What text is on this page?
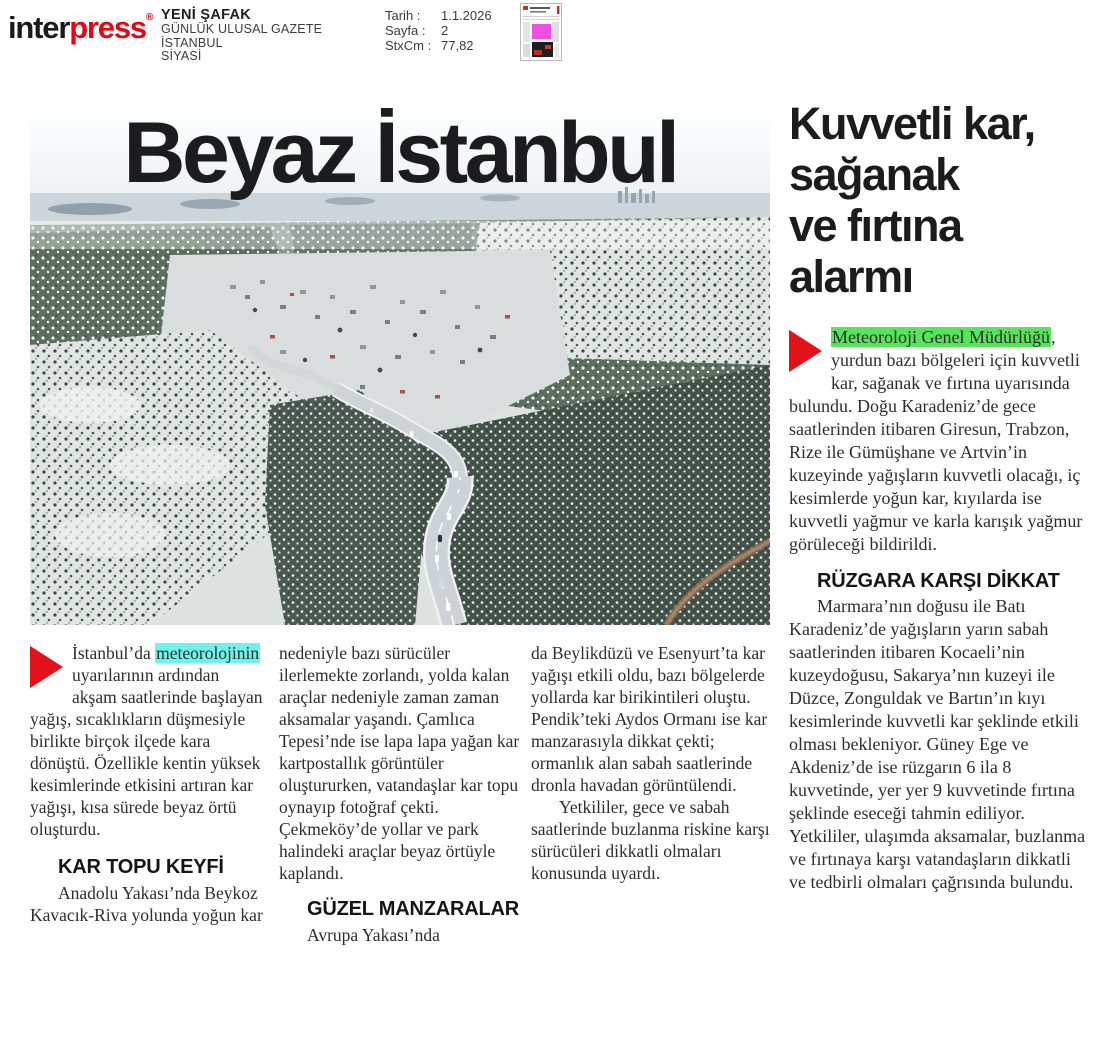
interpress® YENİ ŞAFAK
GÜNLÜK ULUSAL GAZETE
İSTANBUL
SİYASİ
Tarih :	1.1.2026
Sayfa :	2
StxCm : 77,82
Beyaz İstanbul

İstanbul’da meteorolojinin uyarılarının ardından akşam saatlerinde başlayan yağış, sıcaklıkların düşmesiyle birlikte birçok ilçede kara dönüştü. Özellikle kentin yüksek kesimlerinde etkisini artıran kar yağışı, kısa sürede beyaz örtü oluşturdu.

KAR TOPU KEYFİ

Anadolu Yakası’nda Beykoz Kavacık-Riva yolunda yoğun kar

nedeniyle bazı sürücüler ilerlemekte zorlandı, yolda kalan araçlar nedeniyle zaman zaman aksamalar yaşandı. Çamlıca Tepesi’nde ise lapa lapa yağan kar kartpostallık görüntüler oluştururken, vatandaşlar kar topu oynayıp fotoğraf çekti. Çekmeköy’de yollar ve park halindeki araçlar beyaz örtüyle kaplandı.

GÜZEL MANZARALAR

Avrupa Yakası’nda

da Beylikdüzü ve Esenyurt’ta kar yağışı etkili oldu, bazı bölgelerde yollarda kar birikintileri oluştu. Pendik’teki Aydos Ormanı ise kar manzarasıyla dikkat çekti; ormanlık alan sabah saatlerinde dronla havadan görüntülendi.

Yetkililer, gece ve sabah saatlerinde buzlanma riskine karşı sürücüleri dikkatli olmaları konusunda uyardı.

Kuvvetli kar,
sağanak
ve fırtına
alarmı

Meteoroloji Genel Müdürlüğü, yurdun bazı bölgeleri için kuvvetli kar, sağanak ve fırtına uyarısında bulundu. Doğu Karadeniz’de gece saatlerinden itibaren Giresun, Trabzon, Rize ile Gümüşhane ve Artvin’in kuzeyinde yağışların kuvvetli olacağı, iç kesimlerde yoğun kar, kıyılarda ise kuvvetli yağmur ve karla karışık yağmur görüleceği bildirildi.

RÜZGARA KARŞI DİKKAT

Marmara’nın doğusu ile Batı Karadeniz’de yağışların yarın sabah saatlerinden itibaren Kocaeli’nin kuzeydoğusu, Sakarya’nın kuzeyi ile Düzce, Zonguldak ve Bartın’ın kıyı kesimlerinde kuvvetli kar şeklinde etkili olması bekleniyor. Güney Ege ve Akdeniz’de ise rüzgarın 6 ila 8 kuvvetinde, yer yer 9 kuvvetinde fırtına şeklinde eseceği tahmin ediliyor. Yetkililer, ulaşımda aksamalar, buzlanma ve fırtınaya karşı vatandaşların dikkatli ve tedbirli olmaları çağrısında bulundu.
